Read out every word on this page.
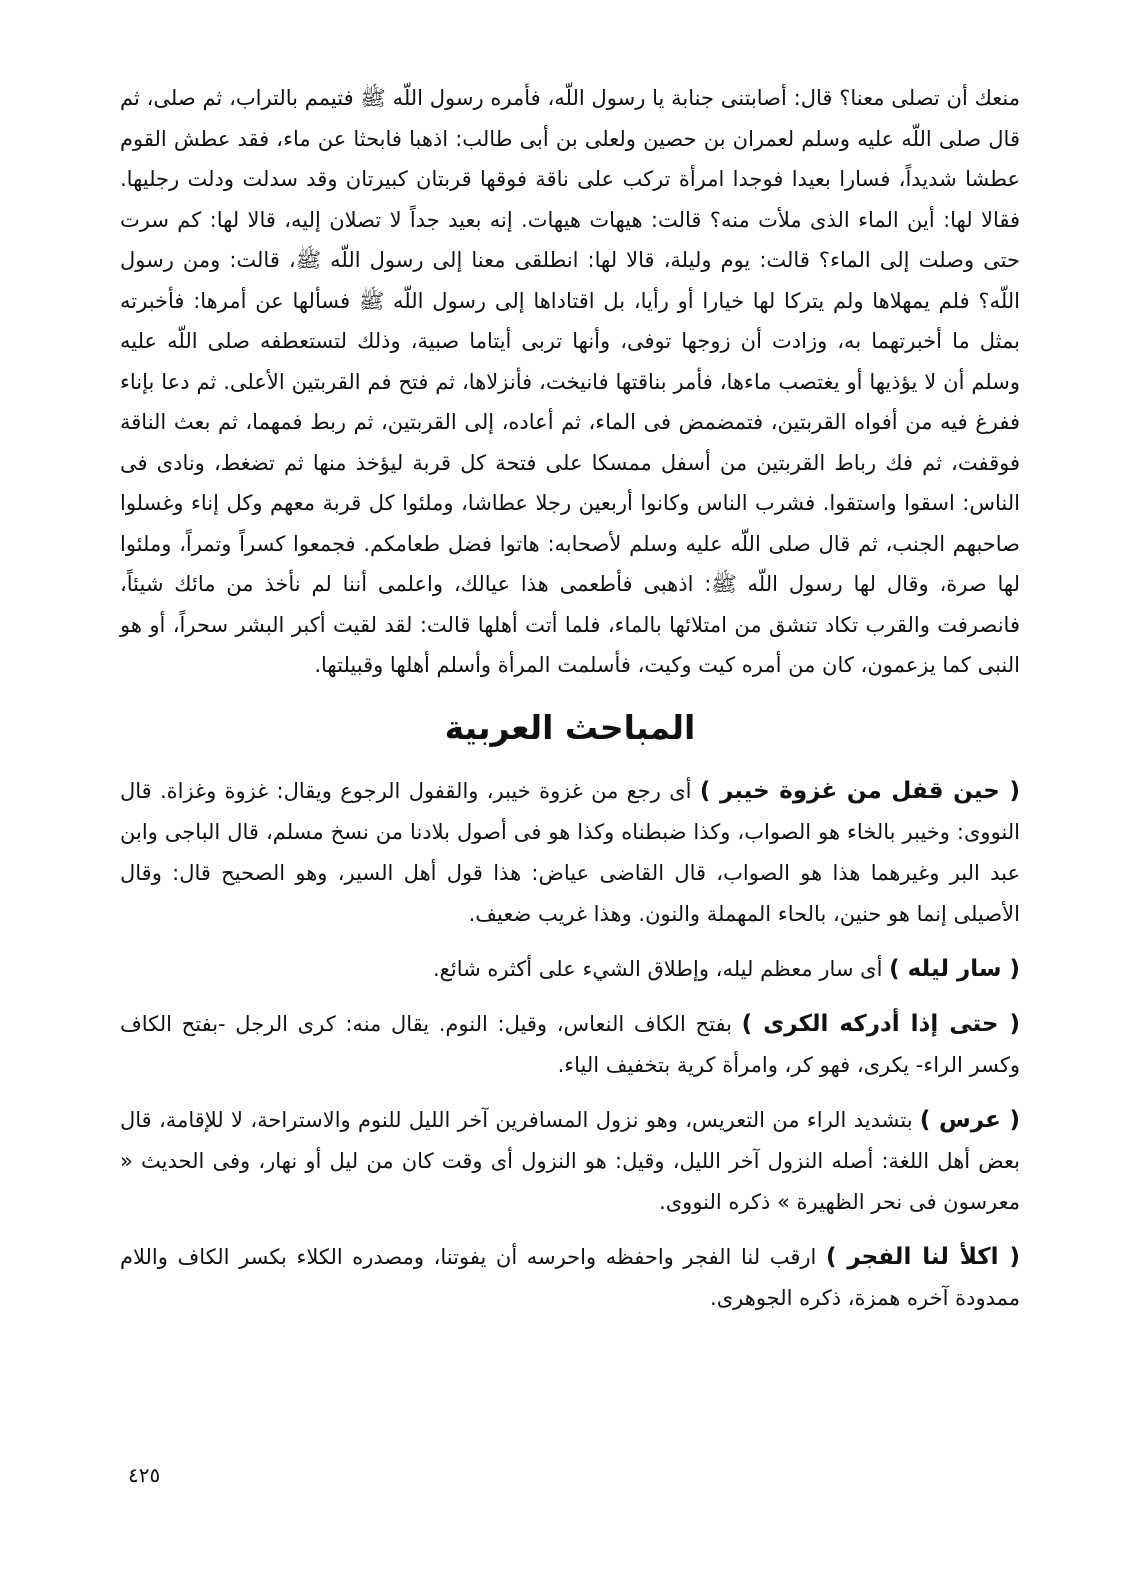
منعك أن تصلى معنا؟ قال: أصابتنى جنابة يا رسول اللّه، فأمره رسول اللّه ﷺ فتيمم بالتراب، ثم صلى، ثم قال صلى اللّه عليه وسلم لعمران بن حصين ولعلى بن أبى طالب: اذهبا فابحثا عن ماء، فقد عطش القوم عطشا شديداً، فسارا بعيدا فوجدا امرأة تركب على ناقة فوقها قربتان كبيرتان وقد سدلت ودلت رجليها. فقالا لها: أين الماء الذى ملأت منه؟ قالت: هيهات هيهات. إنه بعيد جداً لا تصلان إليه، قالا لها: كم سرت حتى وصلت إلى الماء؟ قالت: يوم وليلة، قالا لها: انطلقى معنا إلى رسول اللّه ﷺ، قالت: ومن رسول اللّه؟ فلم يمهلاها ولم يتركا لها خيارا أو رأيا، بل اقتاداها إلى رسول اللّه ﷺ فسألها عن أمرها: فأخبرته بمثل ما أخبرتهما به، وزادت أن زوجها توفى، وأنها تربى أيتاما صبية، وذلك لتستعطفه صلى اللّه عليه وسلم أن لا يؤذيها أو يغتصب ماءها، فأمر بناقتها فانيخت، فأنزلاها، ثم فتح فم القربتين الأعلى. ثم دعا بإناء ففرغ فيه من أفواه القربتين، فتمضمض فى الماء، ثم أعاده، إلى القربتين، ثم ربط فمهما، ثم بعث الناقة فوقفت، ثم فك رباط القربتين من أسفل ممسكا على فتحة كل قربة ليؤخذ منها ثم تضغط، ونادى فى الناس: اسقوا واستقوا. فشرب الناس وكانوا أربعين رجلا عطاشا، وملئوا كل قربة معهم وكل إناء وغسلوا صاحبهم الجنب، ثم قال صلى اللّه عليه وسلم لأصحابه: هاتوا فضل طعامكم. فجمعوا كسراً وتمراً، وملئوا لها صرة، وقال لها رسول اللّه ﷺ: اذهبى فأطعمى هذا عيالك، واعلمى أننا لم نأخذ من مائك شيئاً، فانصرفت والقرب تكاد تنشق من امتلائها بالماء، فلما أتت أهلها قالت: لقد لقيت أكبر البشر سحراً، أو هو النبى كما يزعمون، كان من أمره كيت وكيت، فأسلمت المرأة وأسلم أهلها وقبيلتها.

المباحث العربية

( حين قفل من غزوة خيبر ) أى رجع من غزوة خيبر، والقفول الرجوع ويقال: غزوة وغزاة. قال النووى: وخيبر بالخاء هو الصواب، وكذا ضبطناه وكذا هو فى أصول بلادنا من نسخ مسلم، قال الباجى وابن عبد البر وغيرهما هذا هو الصواب، قال القاضى عياض: هذا قول أهل السير، وهو الصحيح قال: وقال الأصيلى إنما هو حنين، بالحاء المهملة والنون. وهذا غريب ضعيف.

( سار ليله ) أى سار معظم ليله، وإطلاق الشيء على أكثره شائع.

( حتى إذا أدركه الكرى ) بفتح الكاف النعاس، وقيل: النوم. يقال منه: كرى الرجل -بفتح الكاف وكسر الراء- يكرى، فهو كر، وامرأة كرية بتخفيف الياء.

( عرس ) بتشديد الراء من التعريس، وهو نزول المسافرين آخر الليل للنوم والاستراحة، لا للإقامة، قال بعض أهل اللغة: أصله النزول آخر الليل، وقيل: هو النزول أى وقت كان من ليل أو نهار، وفى الحديث « معرسون فى نحر الظهيرة » ذكره النووى.

( اكلأ لنا الفجر ) ارقب لنا الفجر واحفظه واحرسه أن يفوتنا، ومصدره الكلاء بكسر الكاف واللام ممدودة آخره همزة، ذكره الجوهرى.

٤٢٥
